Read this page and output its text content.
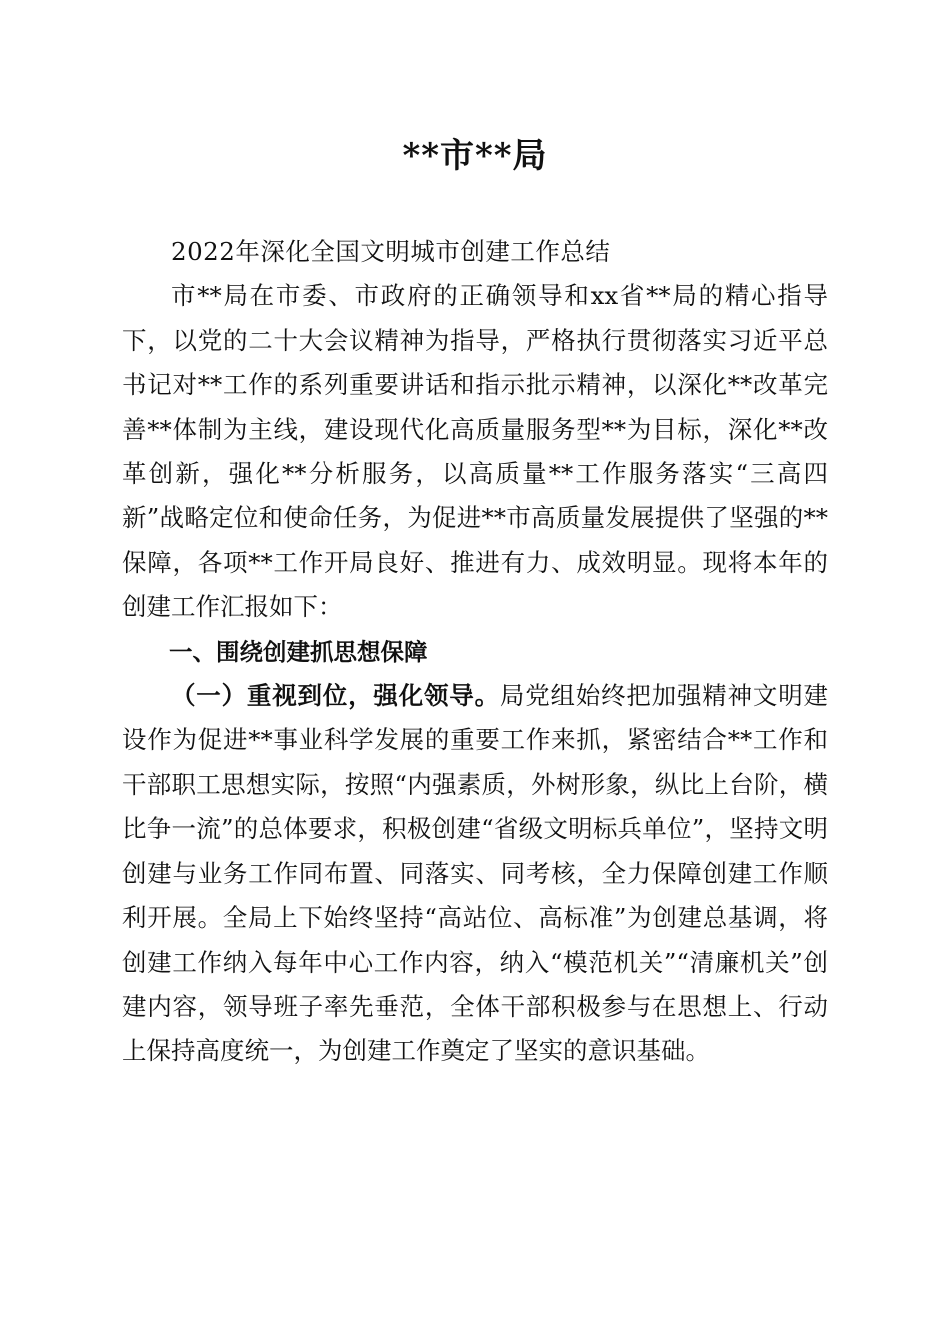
**市**局

2022年深化全国文明城市创建工作总结

市**局在市委、市政府的正确领导和xx省**局的精心指导下，以党的二十大会议精神为指导，严格执行贯彻落实习近平总书记对**工作的系列重要讲话和指示批示精神，以深化**改革完善**体制为主线，建设现代化高质量服务型**为目标，深化**改革创新，强化**分析服务，以高质量**工作服务落实“三高四新”战略定位和使命任务，为促进**市高质量发展提供了坚强的**保障，各项**工作开局良好、推进有力、成效明显。现将本年的创建工作汇报如下：

一、围绕创建抓思想保障

（一）重视到位，强化领导。局党组始终把加强精神文明建设作为促进**事业科学发展的重要工作来抓，紧密结合**工作和干部职工思想实际，按照“内强素质，外树形象，纵比上台阶，横比争一流”的总体要求，积极创建“省级文明标兵单位”，坚持文明创建与业务工作同布置、同落实、同考核，全力保障创建工作顺利开展。全局上下始终坚持“高站位、高标准”为创建总基调，将创建工作纳入每年中心工作内容，纳入“模范机关”“清廉机关”创建内容，领导班子率先垂范，全体干部积极参与在思想上、行动上保持高度统一，为创建工作奠定了坚实的意识基础。
